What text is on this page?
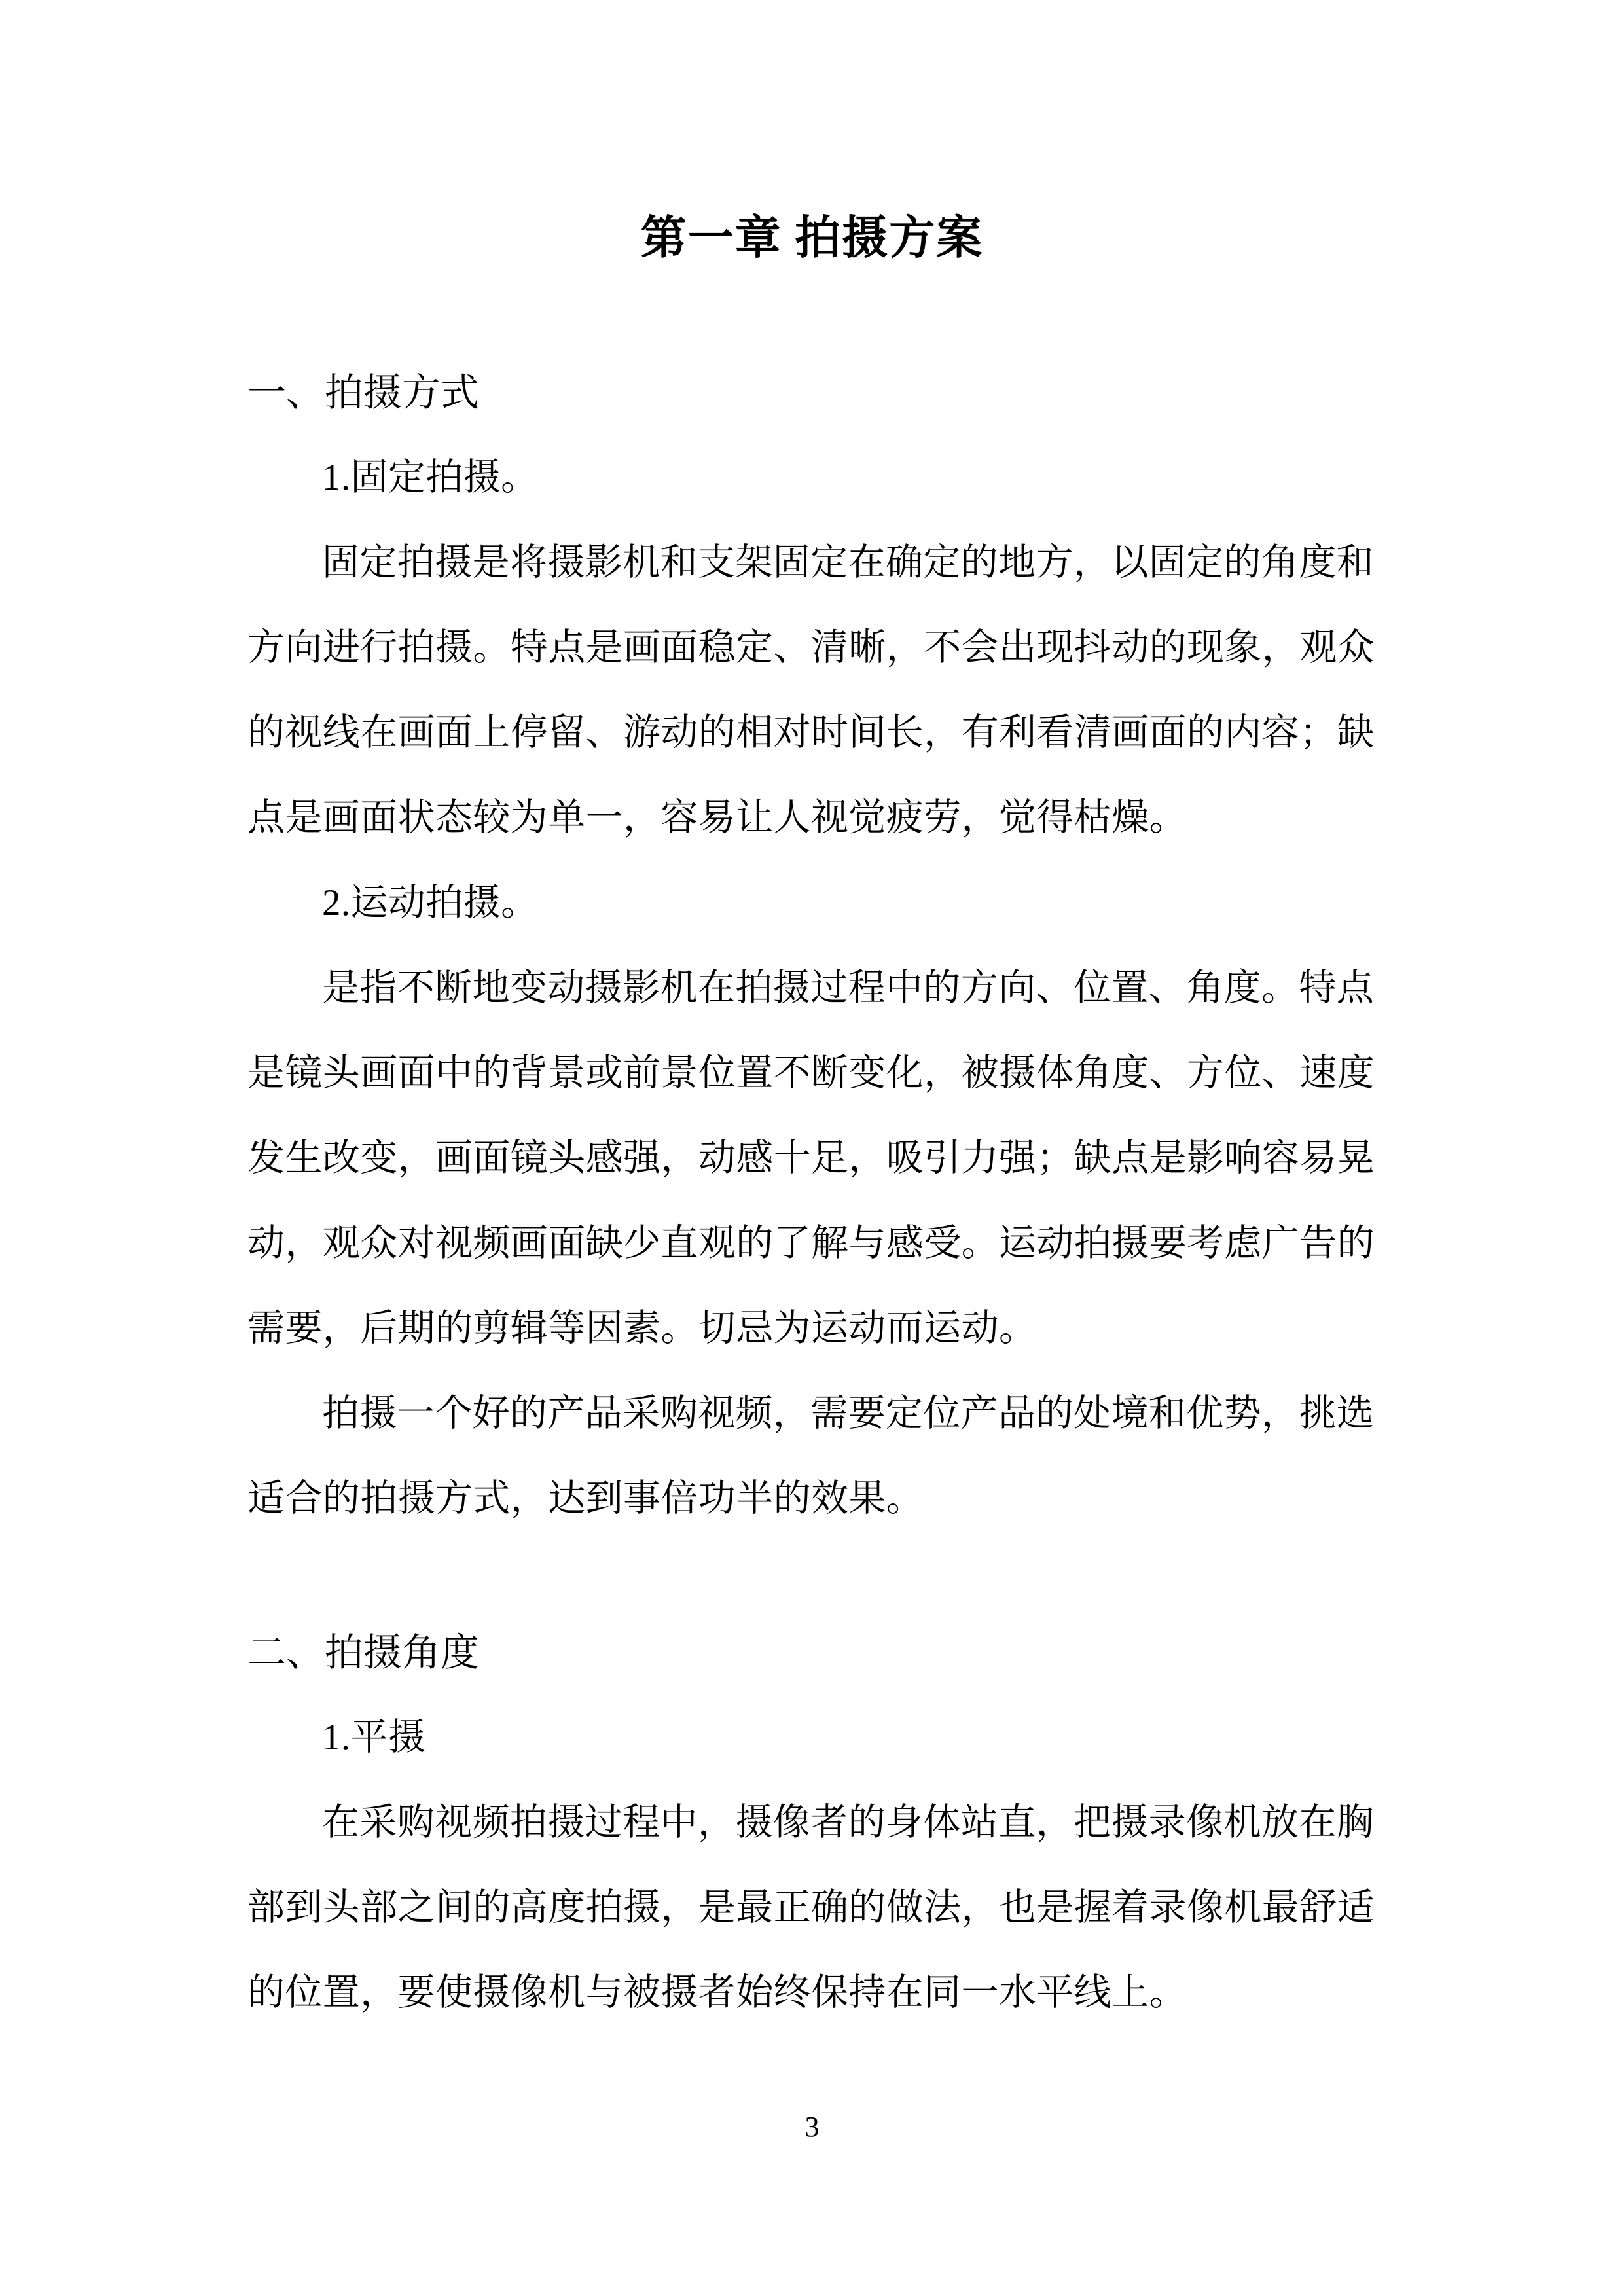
第一章 拍摄方案
一、拍摄方式

1.固定拍摄。

固定拍摄是将摄影机和支架固定在确定的地方，以固定的角度和

方向进行拍摄。特点是画面稳定、清晰，不会出现抖动的现象，观众

的视线在画面上停留、游动的相对时间长，有利看清画面的内容；缺

点是画面状态较为单一，容易让人视觉疲劳，觉得枯燥。

2.运动拍摄。

是指不断地变动摄影机在拍摄过程中的方向、位置、角度。特点

是镜头画面中的背景或前景位置不断变化，被摄体角度、方位、速度

发生改变，画面镜头感强，动感十足，吸引力强；缺点是影响容易晃

动，观众对视频画面缺少直观的了解与感受。运动拍摄要考虑广告的

需要，后期的剪辑等因素。切忌为运动而运动。

拍摄一个好的产品采购视频，需要定位产品的处境和优势，挑选

适合的拍摄方式，达到事倍功半的效果。

二、拍摄角度

1.平摄

在采购视频拍摄过程中，摄像者的身体站直，把摄录像机放在胸

部到头部之间的高度拍摄，是最正确的做法，也是握着录像机最舒适

的位置，要使摄像机与被摄者始终保持在同一水平线上。

3
